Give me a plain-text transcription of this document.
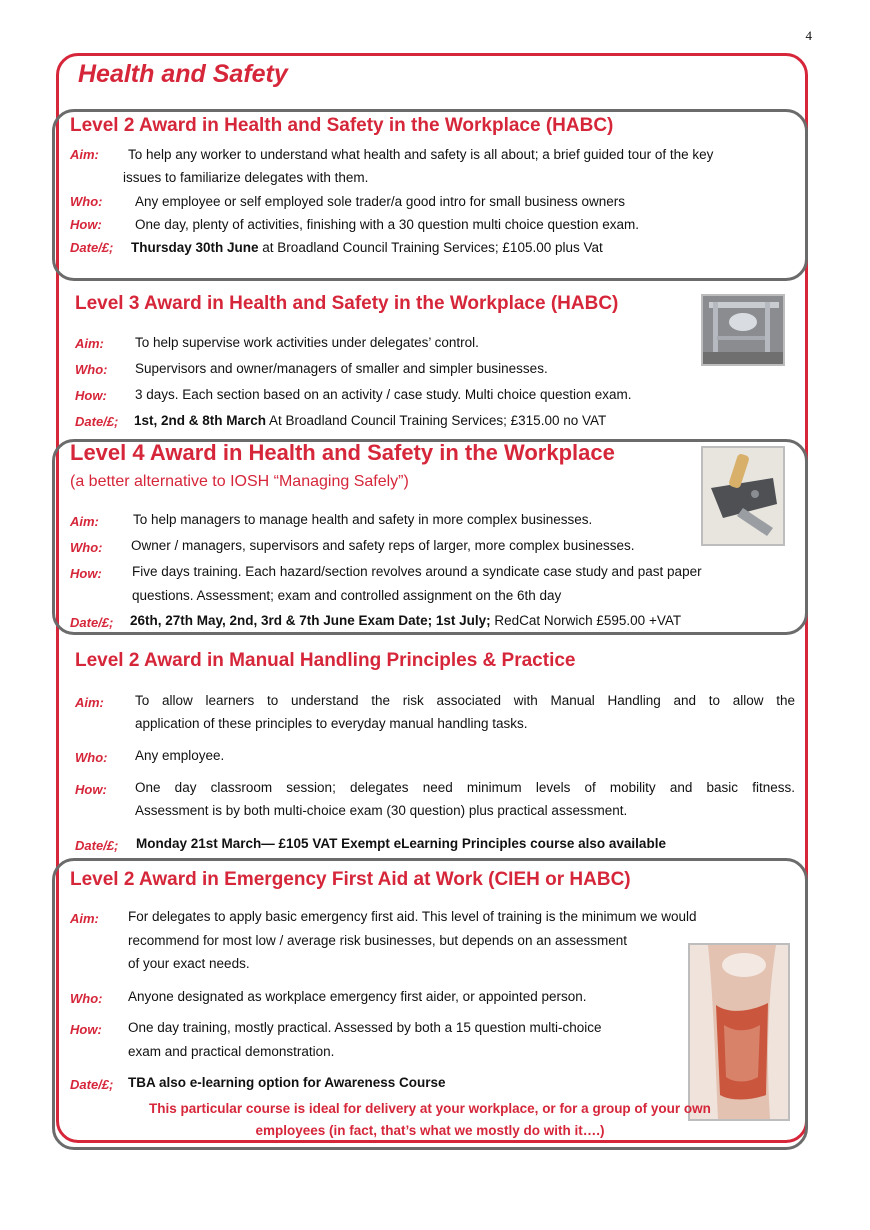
4
Health and Safety
Level 2 Award in Health and Safety in the Workplace (HABC)
Aim: To help any worker to understand what health and safety is all about; a brief guided tour of the key
issues to familiarize delegates with them.
Who: Any employee or self employed sole trader/a good intro for small business owners
How: One day, plenty of activities, finishing with a 30 question multi choice question exam.
Date/£; Thursday 30th June at Broadland Council Training Services; £105.00 plus Vat
Level 3 Award in Health and Safety in the Workplace (HABC)
Aim: To help supervise work activities under delegates’ control.
Who: Supervisors and owner/managers of smaller and simpler businesses.
How: 3 days. Each section based on an activity / case study. Multi choice question exam.
Date/£; 1st, 2nd & 8th March At Broadland Council Training Services; £315.00 no VAT
Level 4 Award in Health and Safety in the Workplace
(a better alternative to IOSH “Managing Safely”)
Aim:	To help managers to manage health and safety in more complex businesses.
Who: Owner / managers, supervisors and safety reps of larger, more complex businesses.
How: Five days training. Each hazard/section revolves around a syndicate case study and past paper
questions. Assessment; exam and controlled assignment on the 6th day
Date/£; 26th, 27th May, 2nd, 3rd & 7th June Exam Date; 1st July; RedCat Norwich £595.00 +VAT
Level 2 Award in Manual Handling Principles & Practice
Aim: To allow learners to understand the risk associated with Manual Handling and to allow the
application of these principles to everyday manual handling tasks.
Who: Any employee.
How: One day classroom session; delegates need minimum levels of mobility and basic fitness.
Assessment is by both multi-choice exam (30 question) plus practical assessment.
Date/£; Monday 21st March— £105 VAT Exempt eLearning Principles course also available
Level 2 Award in Emergency First Aid at Work (CIEH or HABC)
Aim: For delegates to apply basic emergency first aid. This level of training is the minimum we would
recommend for most low / average risk businesses, but depends on an assessment
of your exact needs.
Who: Anyone designated as workplace emergency first aider, or appointed person.
How: One day training, mostly practical. Assessed by both a 15 question multi-choice
exam and practical demonstration.
Date/£; TBA also e-learning option for Awareness Course
This particular course is ideal for delivery at your workplace, or for a group of your own
employees (in fact, that’s what we mostly do with it….)
